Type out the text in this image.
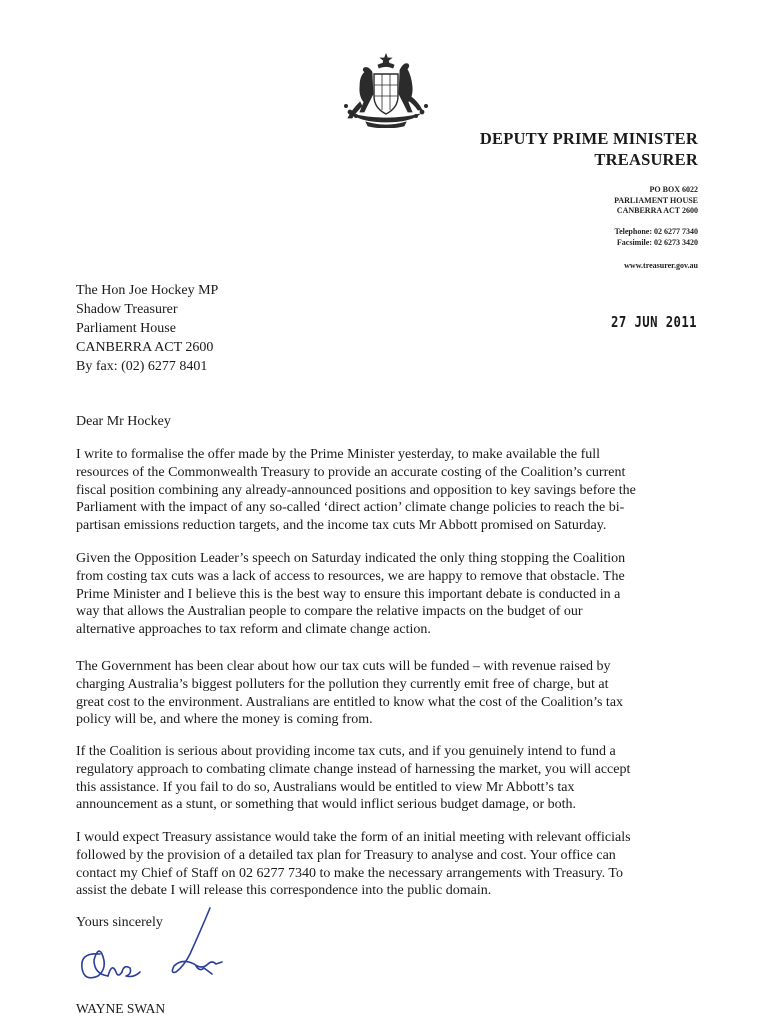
DEPUTY PRIME MINISTER
TREASURER
PO BOX 6022
PARLIAMENT HOUSE
CANBERRA ACT 2600
Telephone: 02 6277 7340
Facsimile: 02 6273 3420
www.treasurer.gov.au
The Hon Joe Hockey MP
Shadow Treasurer
Parliament House
CANBERRA ACT 2600
By fax: (02) 6277 8401
27 JUN 2011
Dear Mr Hockey
I write to formalise the offer made by the Prime Minister yesterday, to make available the full
resources of the Commonwealth Treasury to provide an accurate costing of the Coalition’s current
fiscal position combining any already-announced positions and opposition to key savings before the
Parliament with the impact of any so-called ‘direct action’ climate change policies to reach the bi-
partisan emissions reduction targets, and the income tax cuts Mr Abbott promised on Saturday.
Given the Opposition Leader’s speech on Saturday indicated the only thing stopping the Coalition
from costing tax cuts was a lack of access to resources, we are happy to remove that obstacle. The
Prime Minister and I believe this is the best way to ensure this important debate is conducted in a
way that allows the Australian people to compare the relative impacts on the budget of our
alternative approaches to tax reform and climate change action.
The Government has been clear about how our tax cuts will be funded – with revenue raised by
charging Australia’s biggest polluters for the pollution they currently emit free of charge, but at
great cost to the environment. Australians are entitled to know what the cost of the Coalition’s tax
policy will be, and where the money is coming from.
If the Coalition is serious about providing income tax cuts, and if you genuinely intend to fund a
regulatory approach to combating climate change instead of harnessing the market, you will accept
this assistance. If you fail to do so, Australians would be entitled to view Mr Abbott’s tax
announcement as a stunt, or something that would inflict serious budget damage, or both.
I would expect Treasury assistance would take the form of an initial meeting with relevant officials
followed by the provision of a detailed tax plan for Treasury to analyse and cost. Your office can
contact my Chief of Staff on 02 6277 7340 to make the necessary arrangements with Treasury. To
assist the debate I will release this correspondence into the public domain.
Yours sincerely
WAYNE SWAN
